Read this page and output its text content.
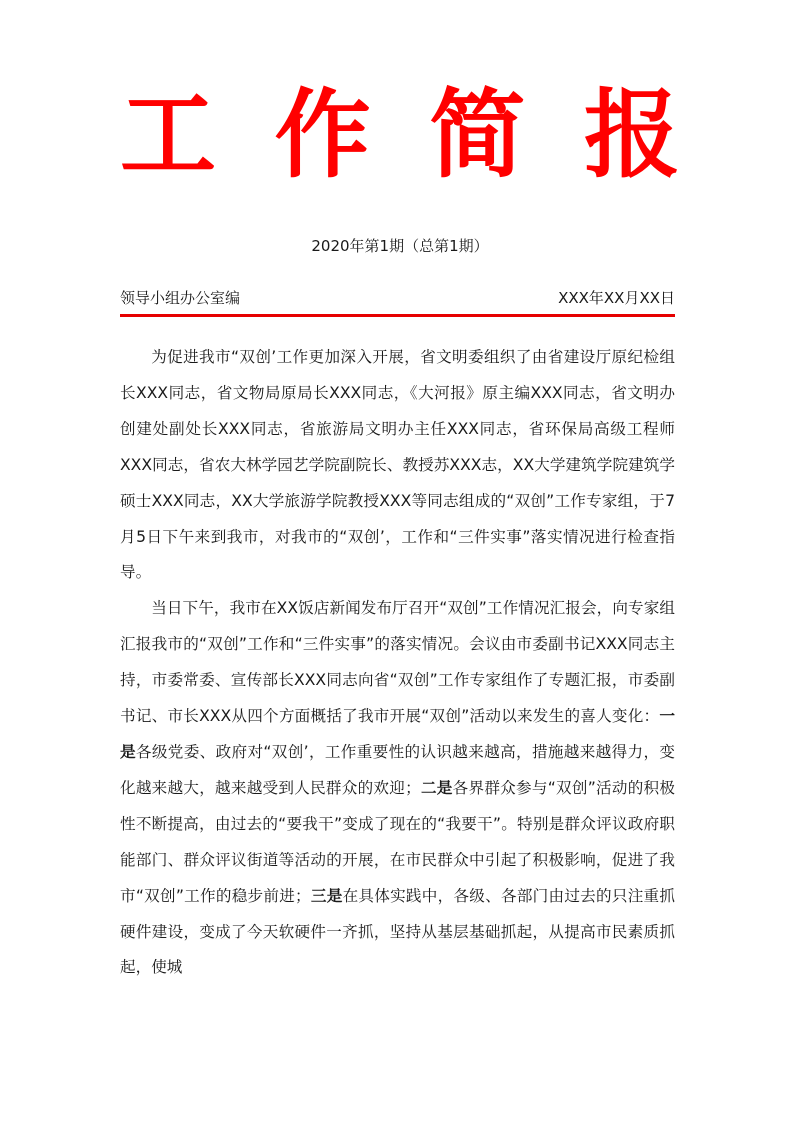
工 作 简 报
2020年第1期（总第1期）
领导小组办公室编	XXX年XX月XX日

为促进我市“双创’工作更加深入开展，省文明委组织了由省建设厅原纪检组长XXX同志，省文物局原局长XXX同志，《大河报》原主编XXX同志，省文明办创建处副处长XXX同志，省旅游局文明办主任XXX同志，省环保局高级工程师XXX同志，省农大林学园艺学院副院长、教授苏XXX志，XX大学建筑学院建筑学硕士XXX同志，XX大学旅游学院教授XXX等同志组成的“双创”工作专家组，于7月5日下午来到我市，对我市的“双创’，工作和“三件实事”落实情况进行检查指导。

当日下午，我市在XX饭店新闻发布厅召开“双创”工作情况汇报会，向专家组汇报我市的“双创”工作和“三件实事”的落实情况。会议由市委副书记XXX同志主持，市委常委、宣传部长XXX同志向省“双创”工作专家组作了专题汇报，市委副书记、市长XXX从四个方面概括了我市开展“双创”活动以来发生的喜人变化：一是各级党委、政府对“双创’，工作重要性的认识越来越高，措施越来越得力，变化越来越大，越来越受到人民群众的欢迎；二是各界群众参与“双创”活动的积极性不断提高，由过去的“要我干”变成了现在的“我要干”。特别是群众评议政府职能部门、群众评议街道等活动的开展，在市民群众中引起了积极影响，促进了我市“双创”工作的稳步前进；三是在具体实践中，各级、各部门由过去的只注重抓硬件建设，变成了今天软硬件一齐抓，坚持从基层基础抓起，从提高市民素质抓起，使城
